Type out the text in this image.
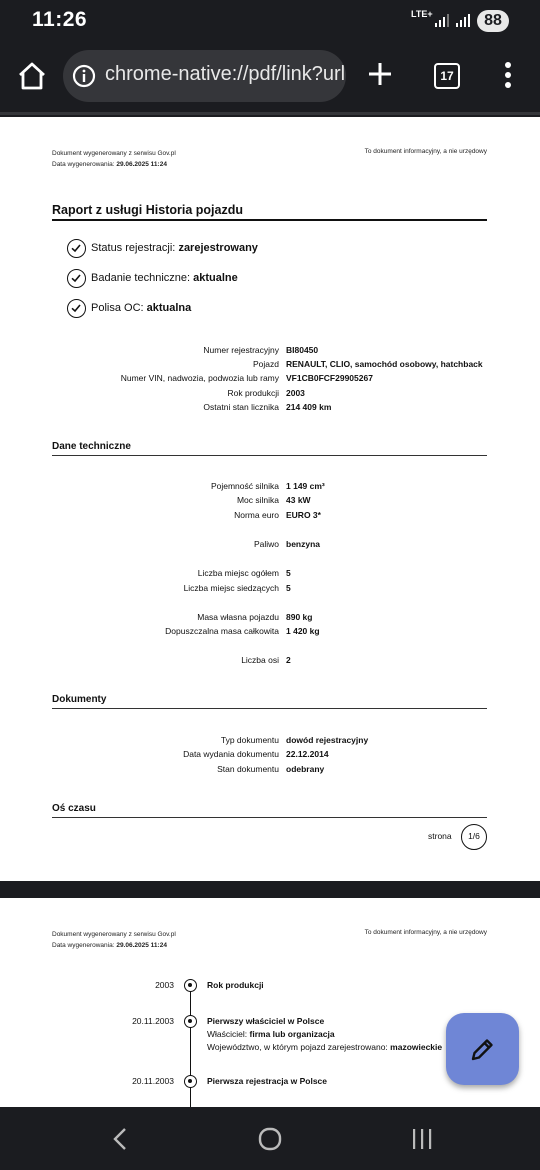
11:26	LTE+	88
chrome-native://pdf/link?url	17
Dokument wygenerowany z serwisu Gov.pl
Data wygenerowania: 29.06.2025 11:24
To dokument informacyjny, a nie urzędowy
Raport z usługi Historia pojazdu
Status rejestracji: zarejestrowany
Badanie techniczne: aktualne
Polisa OC: aktualna
Numer rejestracyjny BI80450
Pojazd RENAULT, CLIO, samochód osobowy, hatchback
Numer VIN, nadwozia, podwozia lub ramy VF1CB0FCF29905267
Rok produkcji 2003
Ostatni stan licznika 214 409 km
Dane techniczne
Pojemność silnika 1 149 cm³
Moc silnika 43 kW
Norma euro EURO 3*
Paliwo benzyna
Liczba miejsc ogółem 5
Liczba miejsc siedzących 5
Masa własna pojazdu 890 kg
Dopuszczalna masa całkowita 1 420 kg
Liczba osi 2
Dokumenty
Typ dokumentu dowód rejestracyjny
Data wydania dokumentu 22.12.2014
Stan dokumentu odebrany
Oś czasu
strona	1/6
Dokument wygenerowany z serwisu Gov.pl
Data wygenerowania: 29.06.2025 11:24
To dokument informacyjny, a nie urzędowy
2003	Rok produkcji
20.11.2003	Pierwszy właściciel w Polsce
Właściciel: firma lub organizacja
Województwo, w którym pojazd zarejestrowano: mazowieckie
20.11.2003	Pierwsza rejestracja w Polsce
